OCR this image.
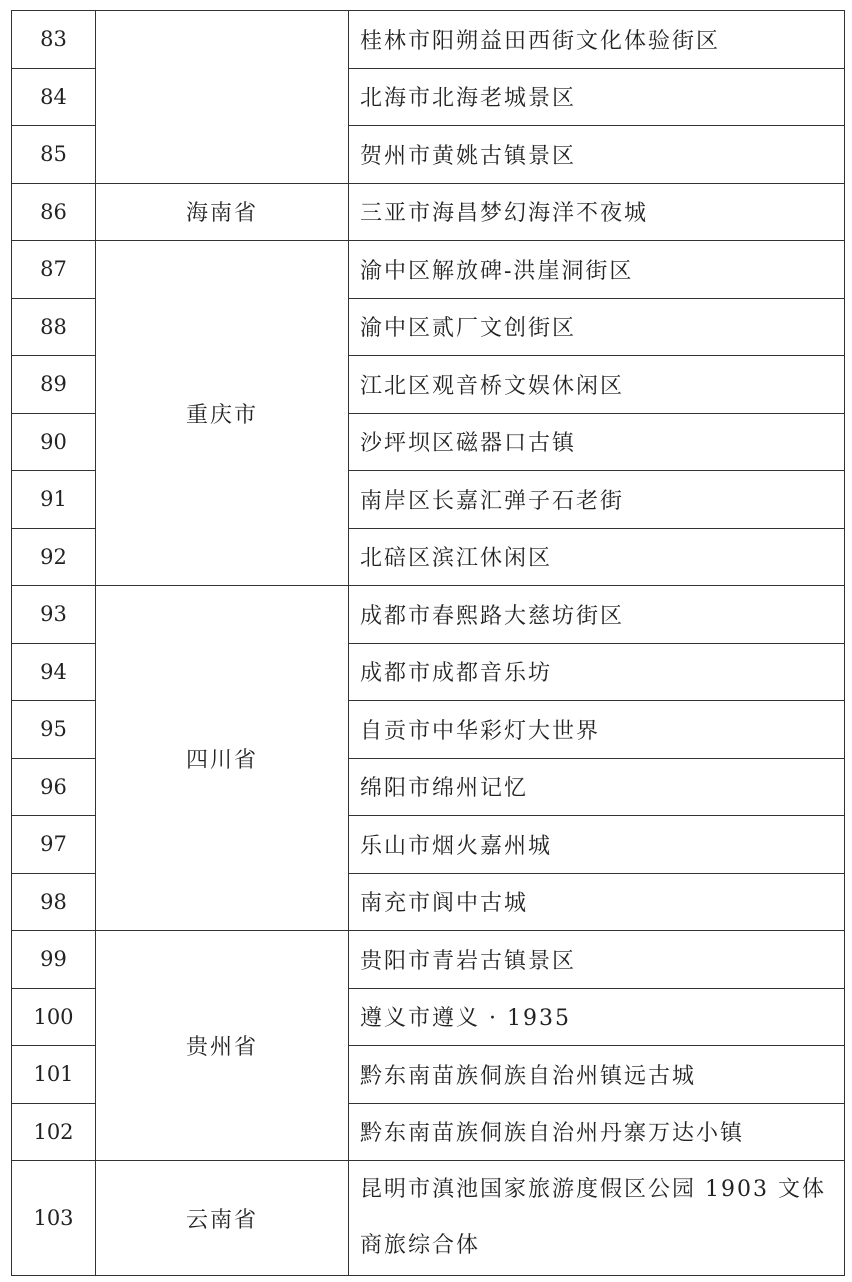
83		桂林市阳朔益田西街文化体验街区
84		北海市北海老城景区
85		贺州市黄姚古镇景区
86	海南省	三亚市海昌梦幻海洋不夜城
87	重庆市	渝中区解放碑-洪崖洞街区
88		渝中区贰厂文创街区
89		江北区观音桥文娱休闲区
90		沙坪坝区磁器口古镇
91		南岸区长嘉汇弹子石老街
92		北碚区滨江休闲区
93	四川省	成都市春熙路大慈坊街区
94		成都市成都音乐坊
95		自贡市中华彩灯大世界
96		绵阳市绵州记忆
97		乐山市烟火嘉州城
98		南充市阆中古城
99	贵州省	贵阳市青岩古镇景区
100		遵义市遵义 · 1935
101		黔东南苗族侗族自治州镇远古城
102		黔东南苗族侗族自治州丹寨万达小镇
103	云南省	昆明市滇池国家旅游度假区公园 1903 文体商旅综合体
